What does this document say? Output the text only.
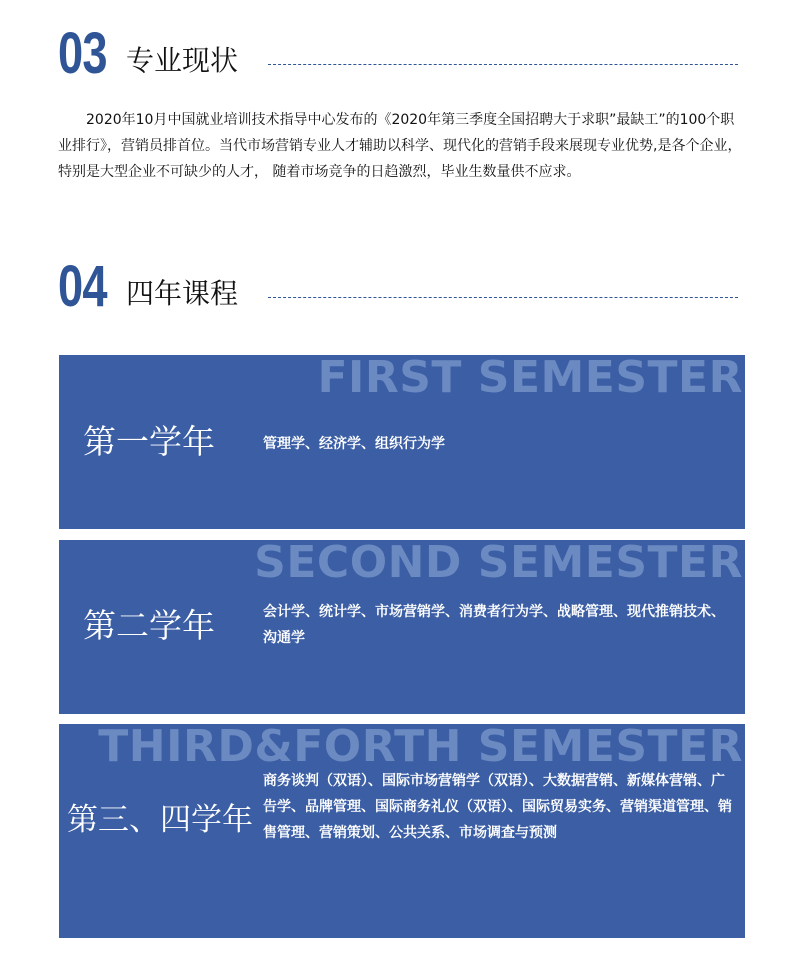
03 专业现状

2020年10月中国就业培训技术指导中心发布的《2020年第三季度全国招聘大于求职”最缺工”的100个职业排行》，营销员排首位。当代市场营销专业人才辅助以科学、现代化的营销手段来展现专业优势,是各个企业，特别是大型企业不可缺少的人才， 随着市场竞争的日趋激烈，毕业生数量供不应求。

04 四年课程
FIRST SEMESTER
第一学年	管理学、经济学、组织行为学

SECOND SEMESTER
第二学年	会计学、统计学、市场营销学、消费者行为学、战略管理、现代推销技术、沟通学

THIRD&FORTH SEMESTER
第三、四学年

商务谈判（双语）、国际市场营销学（双语）、大数据营销、新媒体营销、广告学、品牌管理、国际商务礼仪（双语）、国际贸易实务、营销渠道管理、销售管理、营销策划、公共关系、市场调查与预测
